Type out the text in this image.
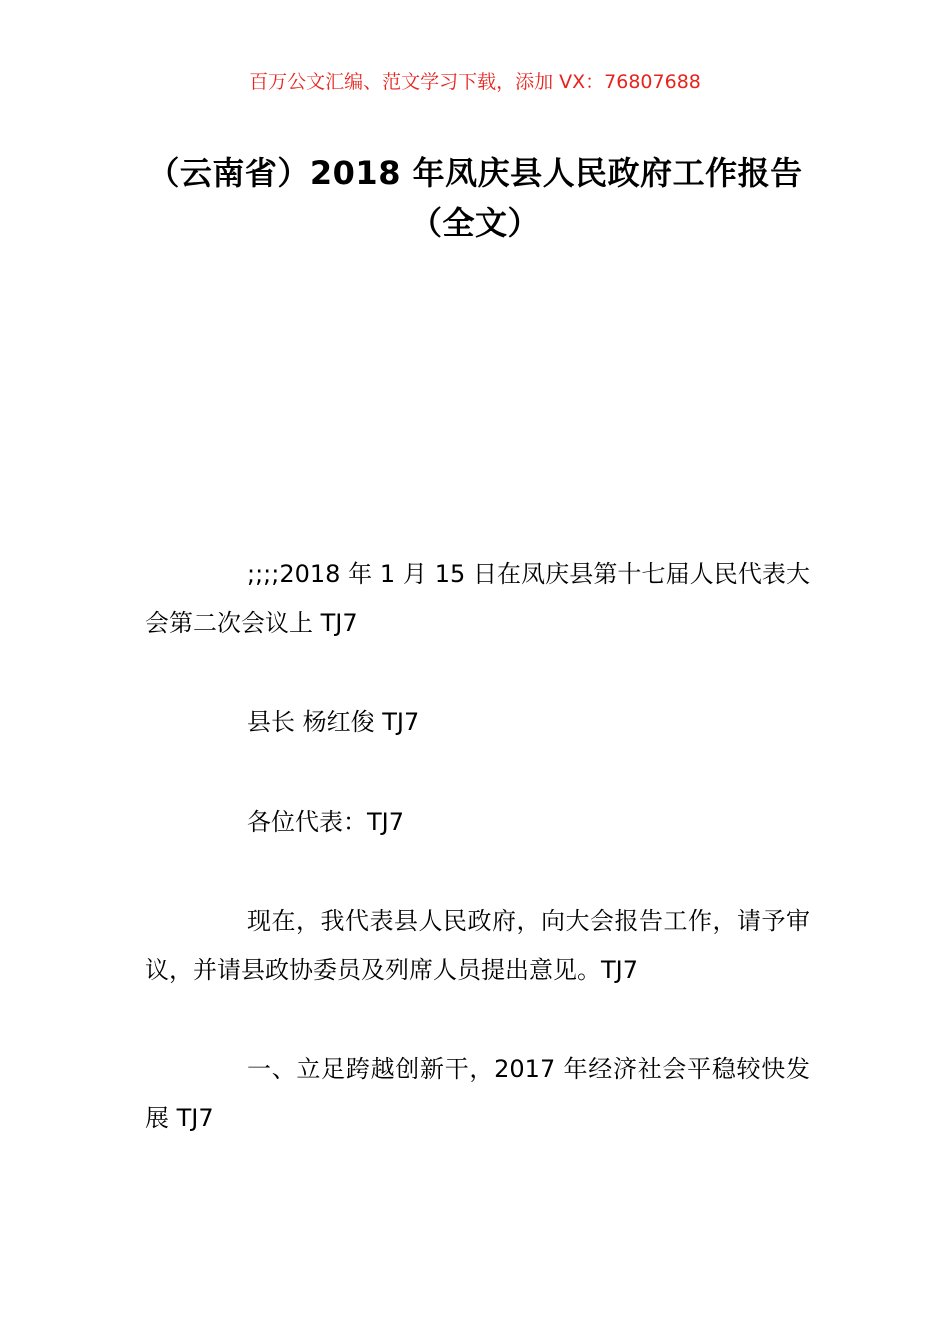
百万公文汇编、范文学习下载，添加 VX：76807688
（云南省）2018 年凤庆县人民政府工作报告（全文）
;;;;2018 年 1 月 15 日在凤庆县第十七届人民代表大会第二次会议上 TJ7
县长 杨红俊 TJ7
各位代表：TJ7
现在，我代表县人民政府，向大会报告工作，请予审议，并请县政协委员及列席人员提出意见。TJ7
一、立足跨越创新干，2017 年经济社会平稳较快发展 TJ7
